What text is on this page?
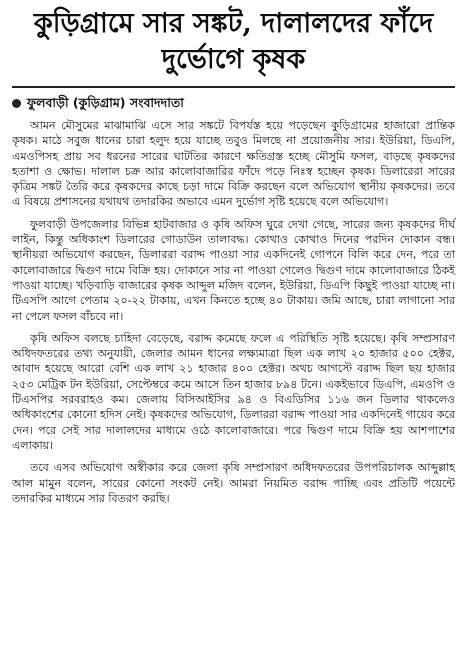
কুড়িগ্রামে সার সঙ্কট, দালালদের ফাঁদে দুর্ভোগে কৃষক
ফুলবাড়ী (কুড়িগ্রাম) সংবাদদাতা

আমন মৌসুমের মাঝামাঝি এসে সার সঙ্কটে বিপর্যস্ত হয়ে পড়েছেন কুড়িগ্রামের হাজারো প্রান্তিক কৃষক। মাঠে সবুজ ধানের চারা হলুদ হয়ে যাচ্ছে তবুও মিলছে না প্রয়োজনীয় সার। ইউরিয়া, ডিএপি, এমওপিসহ প্রায় সব ধরনের সারের ঘাটতির কারণে ক্ষতিগ্রস্ত হচ্ছে মৌসুমি ফসল, বাড়ছে কৃষকদের হতাশা ও ক্ষোভ। দালাল চক্র আর কালোবাজারির ফাঁদে পড়ে নিঃস্ব হচ্ছেন কৃষক। ডিলারেরা সারের কৃত্রিম সঙ্কট তৈরি করে কৃষকদের কাছে চড়া দামে বিক্রি করছেন বলে অভিযোগ স্থানীয় কৃষকদের। তবে এ বিষয়ে প্রশাসনের যথাযথ তদারকির অভাবে এমন দুর্ভোগ সৃষ্টি হয়েছে বলে অভিযোগ।

ফুলবাড়ী উপজেলার বিভিন্ন হাটবাজার ও কৃষি অফিস ঘুরে দেখা গেছে, সারের জন্য কৃষকদের দীর্ঘ লাইন, কিন্তু অধিকাংশ ডিলারের গোডাউন তালাবদ্ধ। কোথাও কোথাও দিনের পরদিন দোকান বন্ধ। স্থানীয়রা অভিযোগ করছেন, ডিলাররা বরাদ্দ পাওয়া সার একদিনেই গোপনে বিলি করে দেন, পরে তা কালোবাজারে দ্বিগুণ দামে বিক্রি হয়। দোকানে সার না পাওয়া গেলেও দ্বিগুণ দামে কালোবাজারে ঠিকই পাওয়া যাচ্ছে। খড়িবাড়ি বাজারের কৃষক আব্দুল মজিদ বলেন, ইউরিয়া, ডিএপি কিছুই পাওয়া যাচ্ছে না। টিএসপি আগে পেতাম ২০-২২ টাকায়, এখন কিনতে হচ্ছে ৪০ টাকায়। জমি আছে, চারা লাগানো সার না পেলে ফসল বাঁচবে না।

কৃষি অফিস বলছে চাহিদা বেড়েছে, বরাদ্দ কমেছে ফলে এ পরিস্থিতি সৃষ্টি হয়েছে। কৃষি সম্প্রসারণ অধিদফতরের তথ্য অনুযায়ী, জেলার আমন ধানের লক্ষ্যমাত্রা ছিল এক লাখ ২০ হাজার ৫০০ হেক্টর, আবাদ হয়েছে আরো বেশি এক লাখ ২১ হাজার ৪০০ হেক্টর। অথচ আগস্টে বরাদ্দ ছিল ছয় হাজার ২৫৩ মেট্রিক টন ইউরিয়া, সেপ্টেম্বরে কমে আসে তিন হাজার ৮৯৪ টনে। একইভাবে ডিএপি, এমওপি ও টিএসপির সরবরাহও কম। জেলায় বিসিআইসির ৯৪ ও বিএডিসির ১১৬ জন ডিলার থাকলেও অধিকাংশের কোনো হদিস নেই। কৃষকদের অভিযোগ, ডিলাররা বরাদ্দ পাওয়া সার একদিনেই গায়েব করে দেন। পরে সেই সার দালালদের মাধ্যমে ওঠে কালোবাজারে। পরে দ্বিগুণ দামে বিক্রি হয় আশপাশের এলাকায়।

তবে এসব অভিযোগ অস্বীকার করে জেলা কৃষি সম্প্রসারণ অধিদফতরের উপপরিচালক আব্দুল্লাহ আল মামুন বলেন, সারের কোনো সংকট নেই। আমরা নিয়মিত বরাদ্দ পাচ্ছি এবং প্রতিটি পয়েন্টে তদারকির মাধ্যমে সার বিতরণ করছি।
